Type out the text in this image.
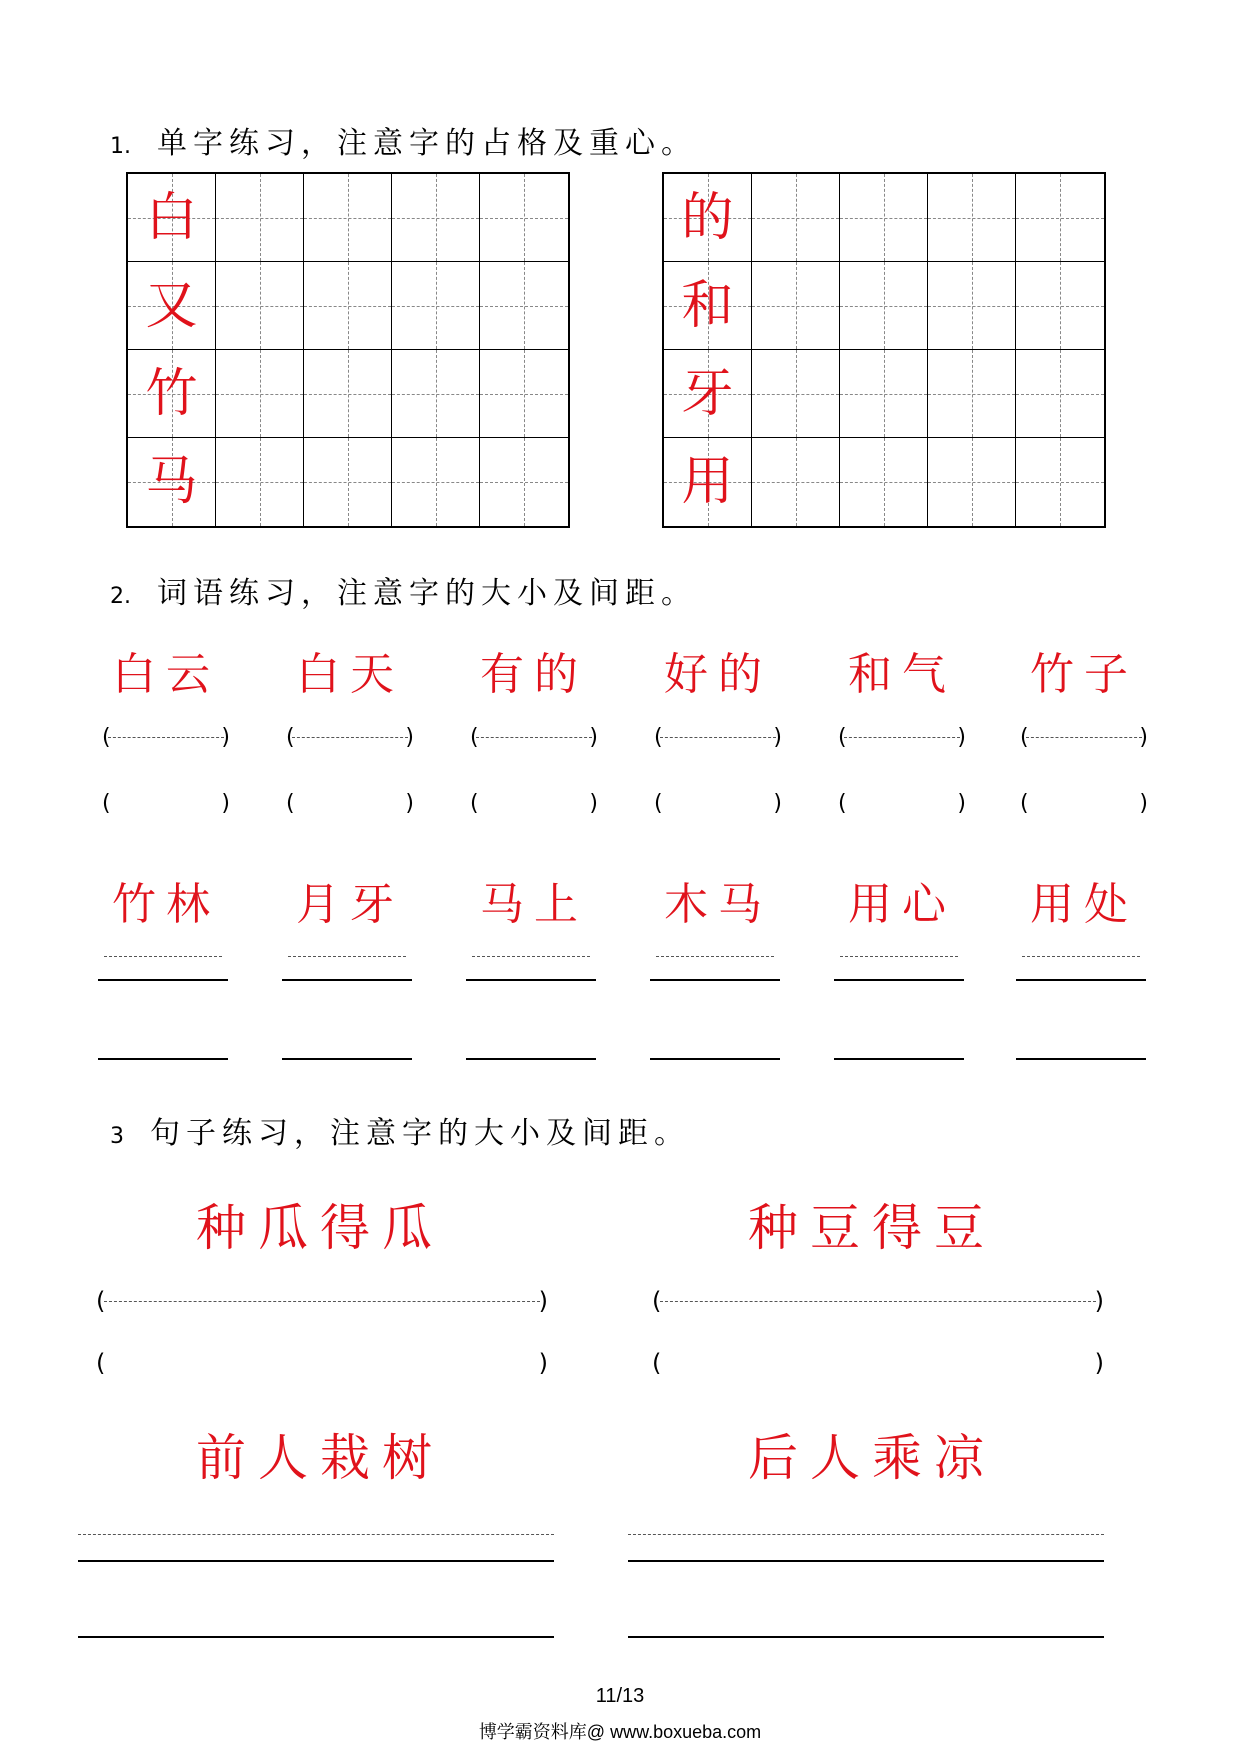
1. 单字练习，注意字的占格及重心。
白
又
竹
马
的
和
牙
用
2. 词语练习，注意字的大小及间距。
白云
(	)
(	)
白天
(	)
(	)
有的
(	)
(	)
好的
(	)
(	)
和气
(	)
(	)
竹子
(	)
(	)
竹林	月牙	马上	木马	用心	用处
3 句子练习，注意字的大小及间距。
种瓜得瓜	种豆得豆
(	)
(	)
(	)
(	)
前人栽树	后人乘凉
11/13
博学霸资料库@ www.boxueba.com
